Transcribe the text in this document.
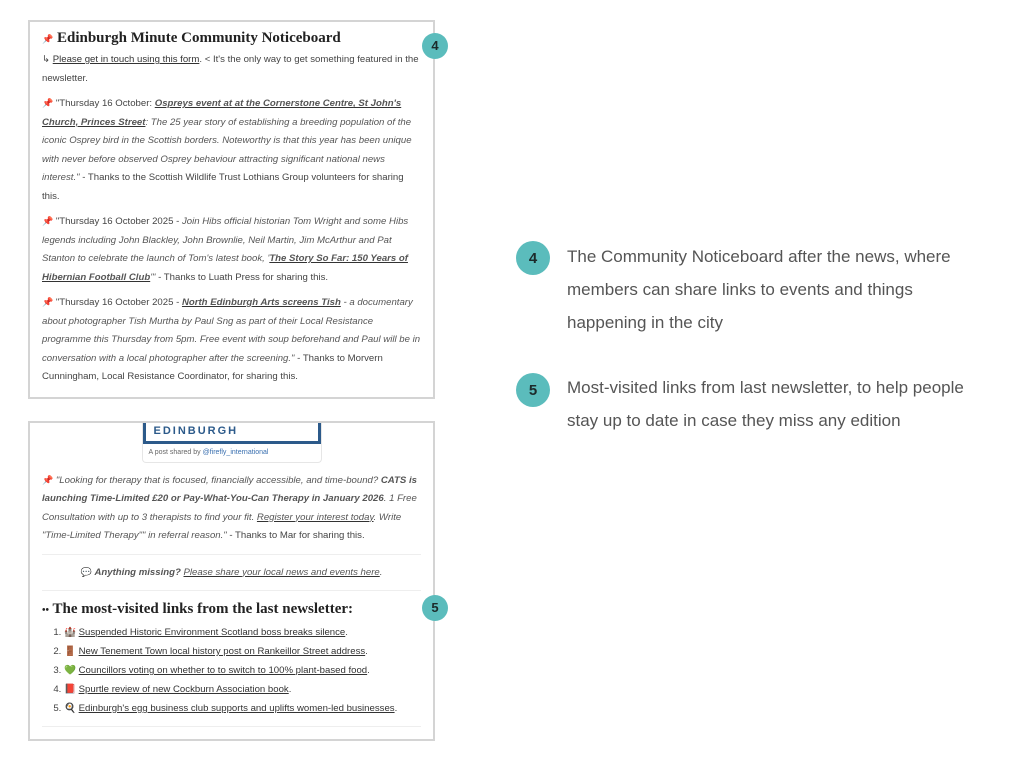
4
📌 Edinburgh Minute Community Noticeboard

↳ Please get in touch using this form. < It's the only way to get something featured in the newsletter.

📌 "Thursday 16 October: Ospreys event at at the Cornerstone Centre, St John's Church, Princes Street: The 25 year story of establishing a breeding population of the iconic Osprey bird in the Scottish borders. Noteworthy is that this year has been unique with never before observed Osprey behaviour attracting significant national news interest." - Thanks to the Scottish Wildlife Trust Lothians Group volunteers for sharing this.

📌 "Thursday 16 October 2025 - Join Hibs official historian Tom Wright and some Hibs legends including John Blackley, John Brownlie, Neil Martin, Jim McArthur and Pat Stanton to celebrate the launch of Tom's latest book, 'The Story So Far: 150 Years of Hibernian Football Club'" - Thanks to Luath Press for sharing this.

📌 "Thursday 16 October 2025 - North Edinburgh Arts screens Tish - a documentary about photographer Tish Murtha by Paul Sng as part of their Local Resistance programme this Thursday from 5pm. Free event with soup beforehand and Paul will be in conversation with a local photographer after the screening." - Thanks to Morvern Cunningham, Local Resistance Coordinator, for sharing this.

EDINBURGH
A post shared by @firefly_international

📌 "Looking for therapy that is focused, financially accessible, and time-bound? CATS is launching Time-Limited £20 or Pay-What-You-Can Therapy in January 2026. 1 Free Consultation with up to 3 therapists to find your fit. Register your interest today. Write "Time-Limited Therapy"" in referral reason." - Thanks to Mar for sharing this.

💬 Anything missing? Please share your local news and events here.

5
•• The most-visited links from the last newsletter:
1. 🏰 Suspended Historic Environment Scotland boss breaks silence.
2. 🚪 New Tenement Town local history post on Rankeillor Street address.
3. 💚 Councillors voting on whether to to switch to 100% plant-based food.
4. 📕 Spurtle review of new Cockburn Association book.
5. 🍳 Edinburgh's egg business club supports and uplifts women-led businesses.
4	The Community Noticeboard after the news, where members can share links to events and things happening in the city
5	Most-visited links from last newsletter, to help people stay up to date in case they miss any edition
